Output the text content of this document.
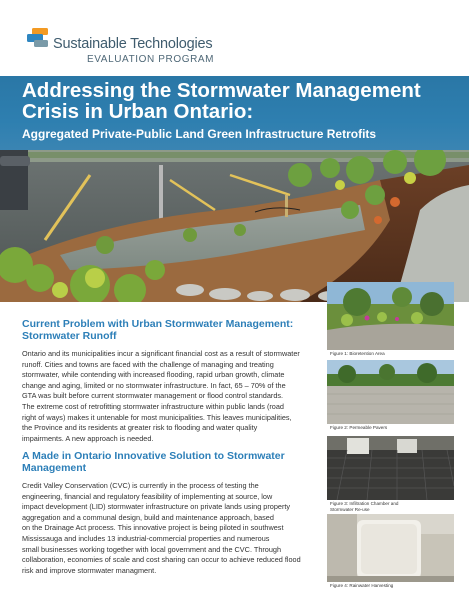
Sustainable Technologies
EVALUATION PROGRAM
Addressing the Stormwater Management
Crisis in Urban Ontario:
Aggregated Private-Public Land Green Infrastructure Retrofits
Current Problem with Urban Stormwater Management:
Stormwater Runoff
Ontario and its municipalities incur a significant financial cost as a result of stormwater
runoff. Cities and towns are faced with the challenge of managing and treating
stormwater, while contending with increased flooding, rapid urban growth, climate
change and aging, limited or no stormwater infrastructure. In fact, 65 – 70% of the
GTA was built before current stormwater management or flood control standards.
The extreme cost of retrofitting stormwater infrastructure within public lands (road
right of ways) makes it untenable for most municipalities. This leaves municipalities,
the Province and its residents at greater risk to flooding and water quality
impairments. A new approach is needed.
A Made in Ontario Innovative Solution to Stormwater
Management
Credit Valley Conservation (CVC) is currently in the process of testing the
engineering, financial and regulatory feasibility of implementing at source, low
impact development (LID) stormwater infrastructure on private lands using property
aggregation and a communal design, build and maintenance approach, based
on the Drainage Act process. This innovative project is being piloted in southwest
Mississauga and includes 13 industrial-commercial properties and numerous
small businesses working together with local government and the CVC. Through
collaboration, economies of scale and cost sharing can occur to achieve reduced flood
risk and improve stormwater managment.
Figure 1: Bioretention Area
Figure 2: Permeable Pavers
Figure 3: Infiltration Chamber and
Stormwater Re-use
Figure 4: Rainwater Harvesting
